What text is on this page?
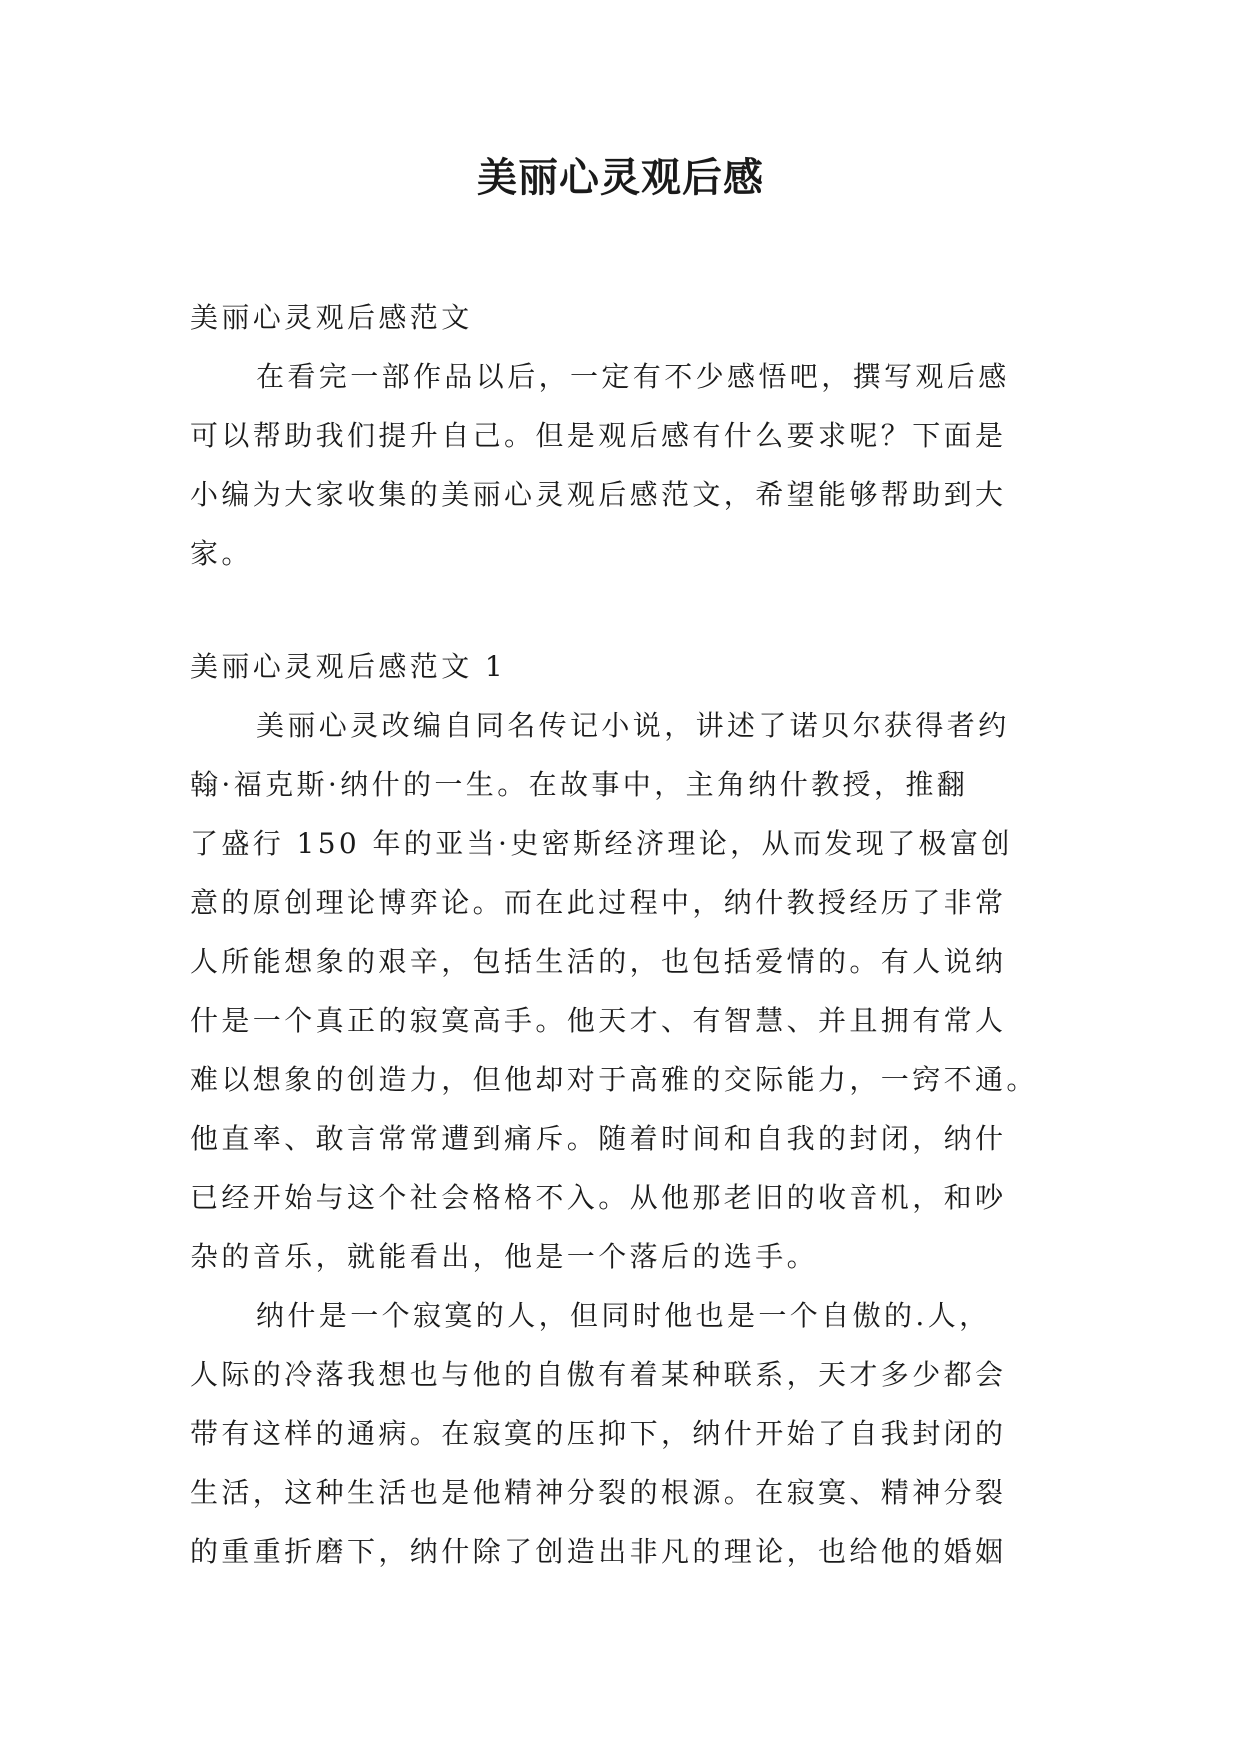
美丽心灵观后感
美丽心灵观后感范文
在看完一部作品以后，一定有不少感悟吧，撰写观后感
可以帮助我们提升自己。但是观后感有什么要求呢？下面是
小编为大家收集的美丽心灵观后感范文，希望能够帮助到大
家。
美丽心灵观后感范文 1
美丽心灵改编自同名传记小说，讲述了诺贝尔获得者约
翰·福克斯·纳什的一生。在故事中，主角纳什教授，推翻
了盛行 150 年的亚当·史密斯经济理论，从而发现了极富创
意的原创理论博弈论。而在此过程中，纳什教授经历了非常
人所能想象的艰辛，包括生活的，也包括爱情的。有人说纳
什是一个真正的寂寞高手。他天才、有智慧、并且拥有常人
难以想象的创造力，但他却对于高雅的交际能力，一窍不通。
他直率、敢言常常遭到痛斥。随着时间和自我的封闭，纳什
已经开始与这个社会格格不入。从他那老旧的收音机，和吵
杂的音乐，就能看出，他是一个落后的选手。
纳什是一个寂寞的人，但同时他也是一个自傲的.人，
人际的冷落我想也与他的自傲有着某种联系，天才多少都会
带有这样的通病。在寂寞的压抑下，纳什开始了自我封闭的
生活，这种生活也是他精神分裂的根源。在寂寞、精神分裂
的重重折磨下，纳什除了创造出非凡的理论，也给他的婚姻
